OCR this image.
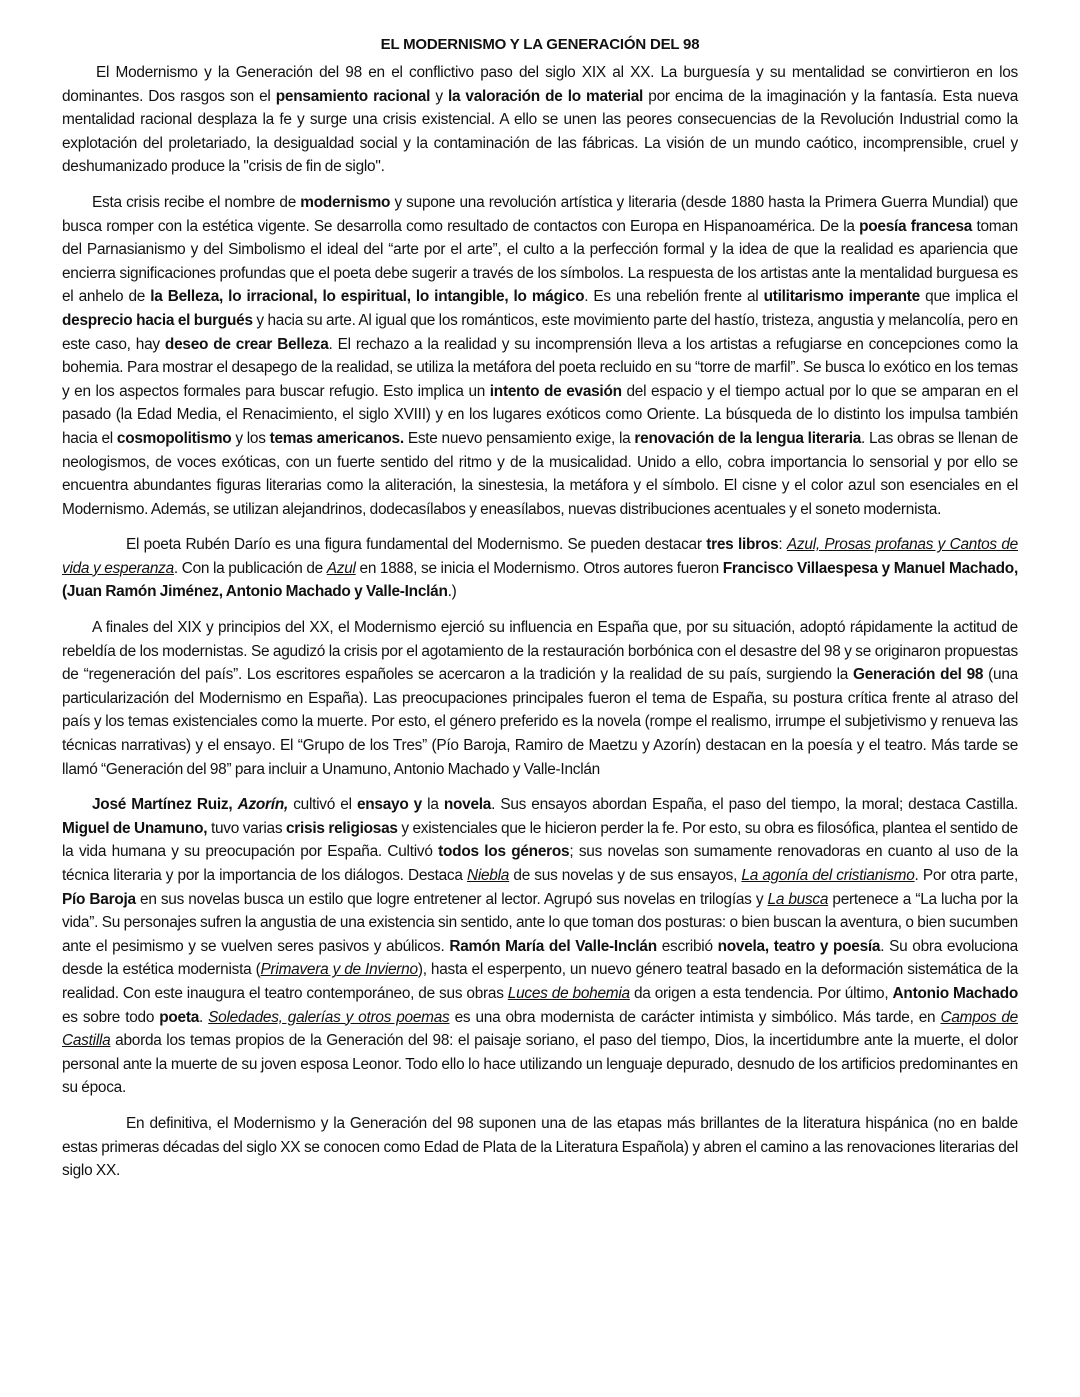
EL MODERNISMO Y LA GENERACIÓN DEL 98

El Modernismo y la Generación del 98 en el conflictivo paso del siglo XIX al XX. La burguesía y su mentalidad se convirtieron en los dominantes. Dos rasgos son el pensamiento racional y la valoración de lo material por encima de la imaginación y la fantasía. Esta nueva mentalidad racional desplaza la fe y surge una crisis existencial. A ello se unen las peores consecuencias de la Revolución Industrial como la explotación del proletariado, la desigualdad social y la contaminación de las fábricas. La visión de un mundo caótico, incomprensible, cruel y deshumanizado produce la "crisis de fin de siglo".

Esta crisis recibe el nombre de modernismo y supone una revolución artística y literaria (desde 1880 hasta la Primera Guerra Mundial) que busca romper con la estética vigente. Se desarrolla como resultado de contactos con Europa en Hispanoamérica. De la poesía francesa toman del Parnasianismo y del Simbolismo el ideal del “arte por el arte”, el culto a la perfección formal y la idea de que la realidad es apariencia que encierra significaciones profundas que el poeta debe sugerir a través de los símbolos. La respuesta de los artistas ante la mentalidad burguesa es el anhelo de la Belleza, lo irracional, lo espiritual, lo intangible, lo mágico. Es una rebelión frente al utilitarismo imperante que implica el desprecio hacia el burgués y hacia su arte. Al igual que los románticos, este movimiento parte del hastío, tristeza, angustia y melancolía, pero en este caso, hay deseo de crear Belleza. El rechazo a la realidad y su incomprensión lleva a los artistas a refugiarse en concepciones como la bohemia. Para mostrar el desapego de la realidad, se utiliza la metáfora del poeta recluido en su “torre de marfil”. Se busca lo exótico en los temas y en los aspectos formales para buscar refugio. Esto implica un intento de evasión del espacio y el tiempo actual por lo que se amparan en el pasado (la Edad Media, el Renacimiento, el siglo XVIII) y en los lugares exóticos como Oriente. La búsqueda de lo distinto los impulsa también hacia el cosmopolitismo y los temas americanos. Este nuevo pensamiento exige, la renovación de la lengua literaria. Las obras se llenan de neologismos, de voces exóticas, con un fuerte sentido del ritmo y de la musicalidad. Unido a ello, cobra importancia lo sensorial y por ello se encuentra abundantes figuras literarias como la aliteración, la sinestesia, la metáfora y el símbolo. El cisne y el color azul son esenciales en el Modernismo. Además, se utilizan alejandrinos, dodecasílabos y eneasílabos, nuevas distribuciones acentuales y el soneto modernista.

El poeta Rubén Darío es una figura fundamental del Modernismo. Se pueden destacar tres libros: Azul, Prosas profanas y Cantos de vida y esperanza. Con la publicación de Azul en 1888, se inicia el Modernismo. Otros autores fueron Francisco Villaespesa y Manuel Machado, (Juan Ramón Jiménez, Antonio Machado y Valle-Inclán.)

A finales del XIX y principios del XX, el Modernismo ejerció su influencia en España que, por su situación, adoptó rápidamente la actitud de rebeldía de los modernistas. Se agudizó la crisis por el agotamiento de la restauración borbónica con el desastre del 98 y se originaron propuestas de “regeneración del país”. Los escritores españoles se acercaron a la tradición y la realidad de su país, surgiendo la Generación del 98 (una particularización del Modernismo en España). Las preocupaciones principales fueron el tema de España, su postura crítica frente al atraso del país y los temas existenciales como la muerte. Por esto, el género preferido es la novela (rompe el realismo, irrumpe el subjetivismo y renueva las técnicas narrativas) y el ensayo. El “Grupo de los Tres” (Pío Baroja, Ramiro de Maetzu y Azorín) destacan en la poesía y el teatro. Más tarde se llamó “Generación del 98” para incluir a Unamuno, Antonio Machado y Valle-Inclán

José Martínez Ruiz, Azorín, cultivó el ensayo y la novela. Sus ensayos abordan España, el paso del tiempo, la moral; destaca Castilla. Miguel de Unamuno, tuvo varias crisis religiosas y existenciales que le hicieron perder la fe. Por esto, su obra es filosófica, plantea el sentido de la vida humana y su preocupación por España. Cultivó todos los géneros; sus novelas son sumamente renovadoras en cuanto al uso de la técnica literaria y por la importancia de los diálogos. Destaca Niebla de sus novelas y de sus ensayos, La agonía del cristianismo. Por otra parte, Pío Baroja en sus novelas busca un estilo que logre entretener al lector. Agrupó sus novelas en trilogías y La busca pertenece a “La lucha por la vida”. Su personajes sufren la angustia de una existencia sin sentido, ante lo que toman dos posturas: o bien buscan la aventura, o bien sucumben ante el pesimismo y se vuelven seres pasivos y abúlicos. Ramón María del Valle-Inclán escribió novela, teatro y poesía. Su obra evoluciona desde la estética modernista (Primavera y de Invierno), hasta el esperpento, un nuevo género teatral basado en la deformación sistemática de la realidad. Con este inaugura el teatro contemporáneo, de sus obras Luces de bohemia da origen a esta tendencia. Por último, Antonio Machado es sobre todo poeta. Soledades, galerías y otros poemas es una obra modernista de carácter intimista y simbólico. Más tarde, en Campos de Castilla aborda los temas propios de la Generación del 98: el paisaje soriano, el paso del tiempo, Dios, la incertidumbre ante la muerte, el dolor personal ante la muerte de su joven esposa Leonor. Todo ello lo hace utilizando un lenguaje depurado, desnudo de los artificios predominantes en su época.

En definitiva, el Modernismo y la Generación del 98 suponen una de las etapas más brillantes de la literatura hispánica (no en balde estas primeras décadas del siglo XX se conocen como Edad de Plata de la Literatura Española) y abren el camino a las renovaciones literarias del siglo XX.
